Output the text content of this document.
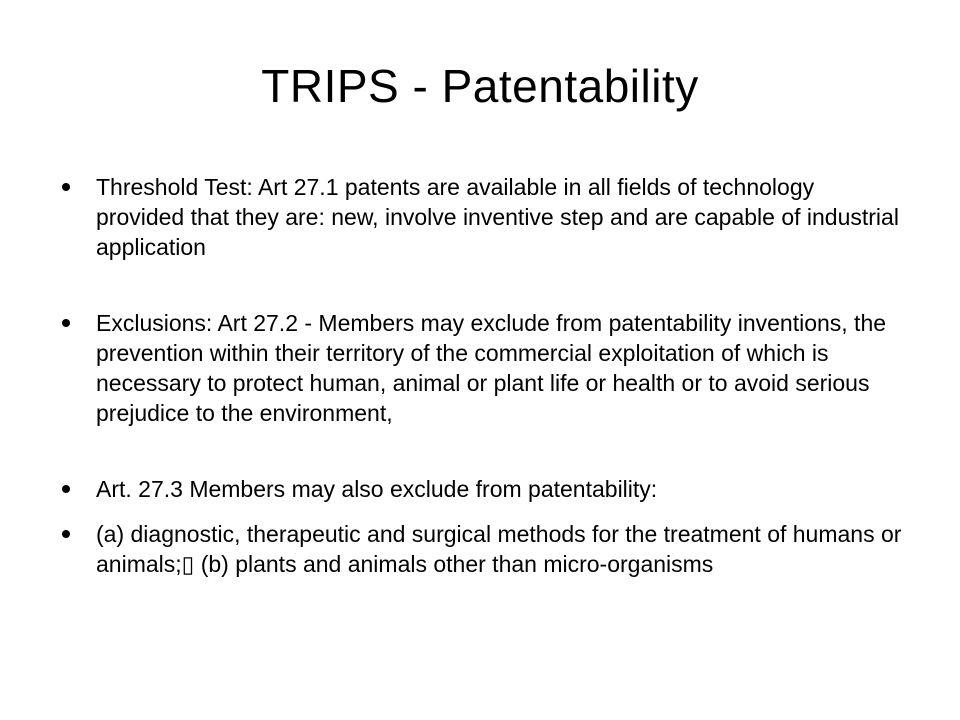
TRIPS - Patentability
Threshold Test: Art 27.1 patents are available in all fields of technology provided that they are: new, involve inventive step and are capable of industrial application
Exclusions: Art 27.2 - Members may exclude from patentability inventions, the prevention within their territory of the commercial exploitation of which is necessary to protect human, animal or plant life or health or to avoid serious prejudice to the environment,
Art. 27.3 Members may also exclude from patentability:
(a) diagnostic, therapeutic and surgical methods for the treatment of humans or animals;▯ (b) plants and animals other than micro-organisms
